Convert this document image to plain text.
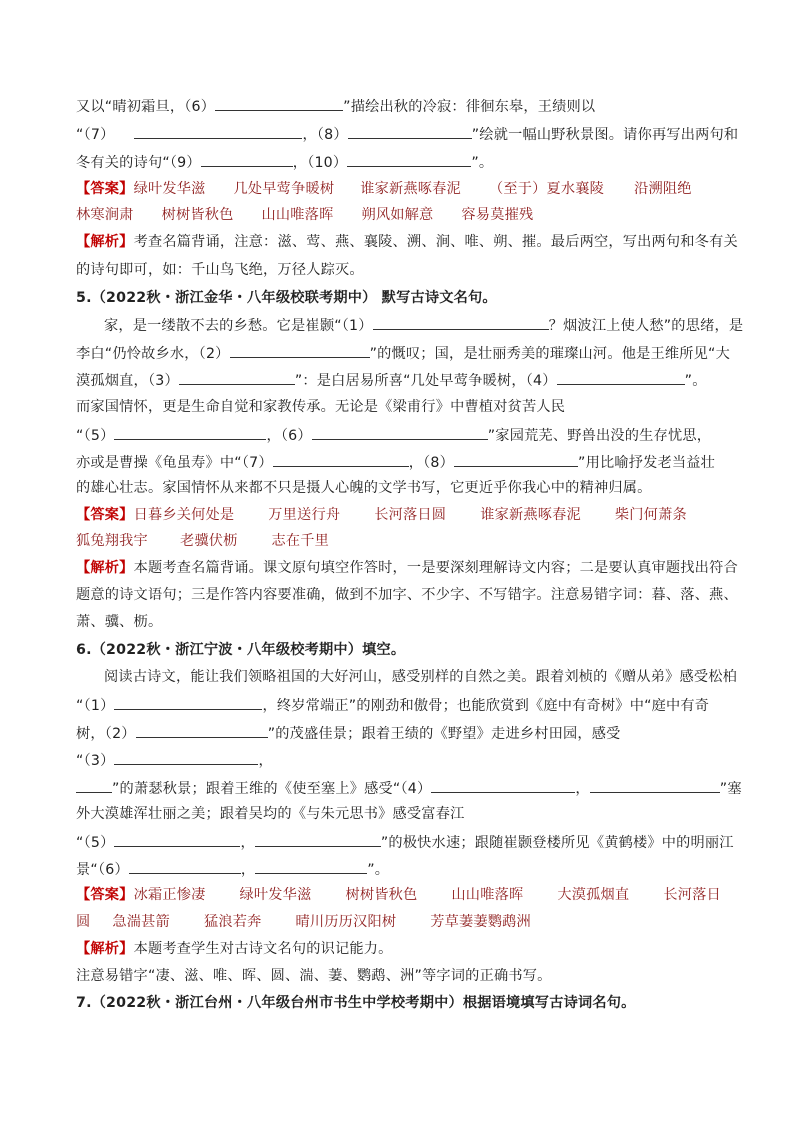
又以“晴初霜旦，（6）	”描绘出秋的冷寂：徘徊东皋，王绩则以
“（7）	，（8）	”绘就一幅山野秋景图。请你再写出两句和
冬有关的诗句“（9）	，（10）	”。
【答案】绿叶发华滋 几处早莺争暖树 谁家新燕啄春泥 （至于）夏水襄陵 沿溯阻绝
林寒涧肃 树树皆秋色 山山唯落晖 朔风如解意 容易莫摧残
【解析】考查名篇背诵，注意：滋、莺、燕、襄陵、溯、涧、唯、朔、摧。最后两空，写出两句和冬有关
的诗句即可，如：千山鸟飞绝，万径人踪灭。
5.（2022秋・浙江金华・八年级校联考期中） 默写古诗文名句。
家，是一缕散不去的乡愁。它是崔颢“（1）	？烟波江上使人愁”的思绪，是
李白“仍怜故乡水，（2）	”的慨叹；国，是壮丽秀美的璀璨山河。他是王维所见“大
漠孤烟直，（3）	”：是白居易所喜“几处早莺争暖树，（4）	”。
而家国情怀，更是生命自觉和家教传承。无论是《梁甫行》中曹植对贫苦人民
“（5）	，（6）	”家园荒芜、野兽出没的生存忧思，
亦或是曹操《龟虽寿》中“（7）	，（8）	”用比喻抒发老当益壮
的雄心壮志。家国情怀从来都不只是摄人心魄的文学书写，它更近乎你我心中的精神归属。
【答案】日暮乡关何处是 万里送行舟 长河落日圆 谁家新燕啄春泥 柴门何萧条
狐兔翔我宇 老骥伏枥 志在千里
【解析】本题考查名篇背诵。课文原句填空作答时，一是要深刻理解诗文内容；二是要认真审题找出符合
题意的诗文语句；三是作答内容要准确，做到不加字、不少字、不写错字。注意易错字词：暮、落、燕、
萧、骥、枥。
6.（2022秋・浙江宁波・八年级校考期中）填空。
阅读古诗文，能让我们领略祖国的大好河山，感受别样的自然之美。跟着刘桢的《赠从弟》感受松柏
“（1）	，终岁常端正”的刚劲和傲骨；也能欣赏到《庭中有奇树》中“庭中有奇
树，（2）	”的茂盛佳景；跟着王绩的《野望》走进乡村田园，感受
“（3）	，
”的萧瑟秋景；跟着王维的《使至塞上》感受“（4）	，	”塞
外大漠雄浑壮丽之美；跟着吴均的《与朱元思书》感受富春江
“（5）	，	”的极快水速；跟随崔颢登楼所见《黄鹤楼》中的明丽江
景“（6）	，	”。
【答案】冰霜正惨凄 绿叶发华滋 树树皆秋色 山山唯落晖 大漠孤烟直 长河落日
圆 急湍甚箭 猛浪若奔 晴川历历汉阳树 芳草萋萋鹦鹉洲
【解析】本题考查学生对古诗文名句的识记能力。
注意易错字“凄、滋、唯、晖、圆、湍、萋、鹦鹉、洲”等字词的正确书写。
7.（2022秋・浙江台州・八年级台州市书生中学校考期中）根据语境填写古诗词名句。
